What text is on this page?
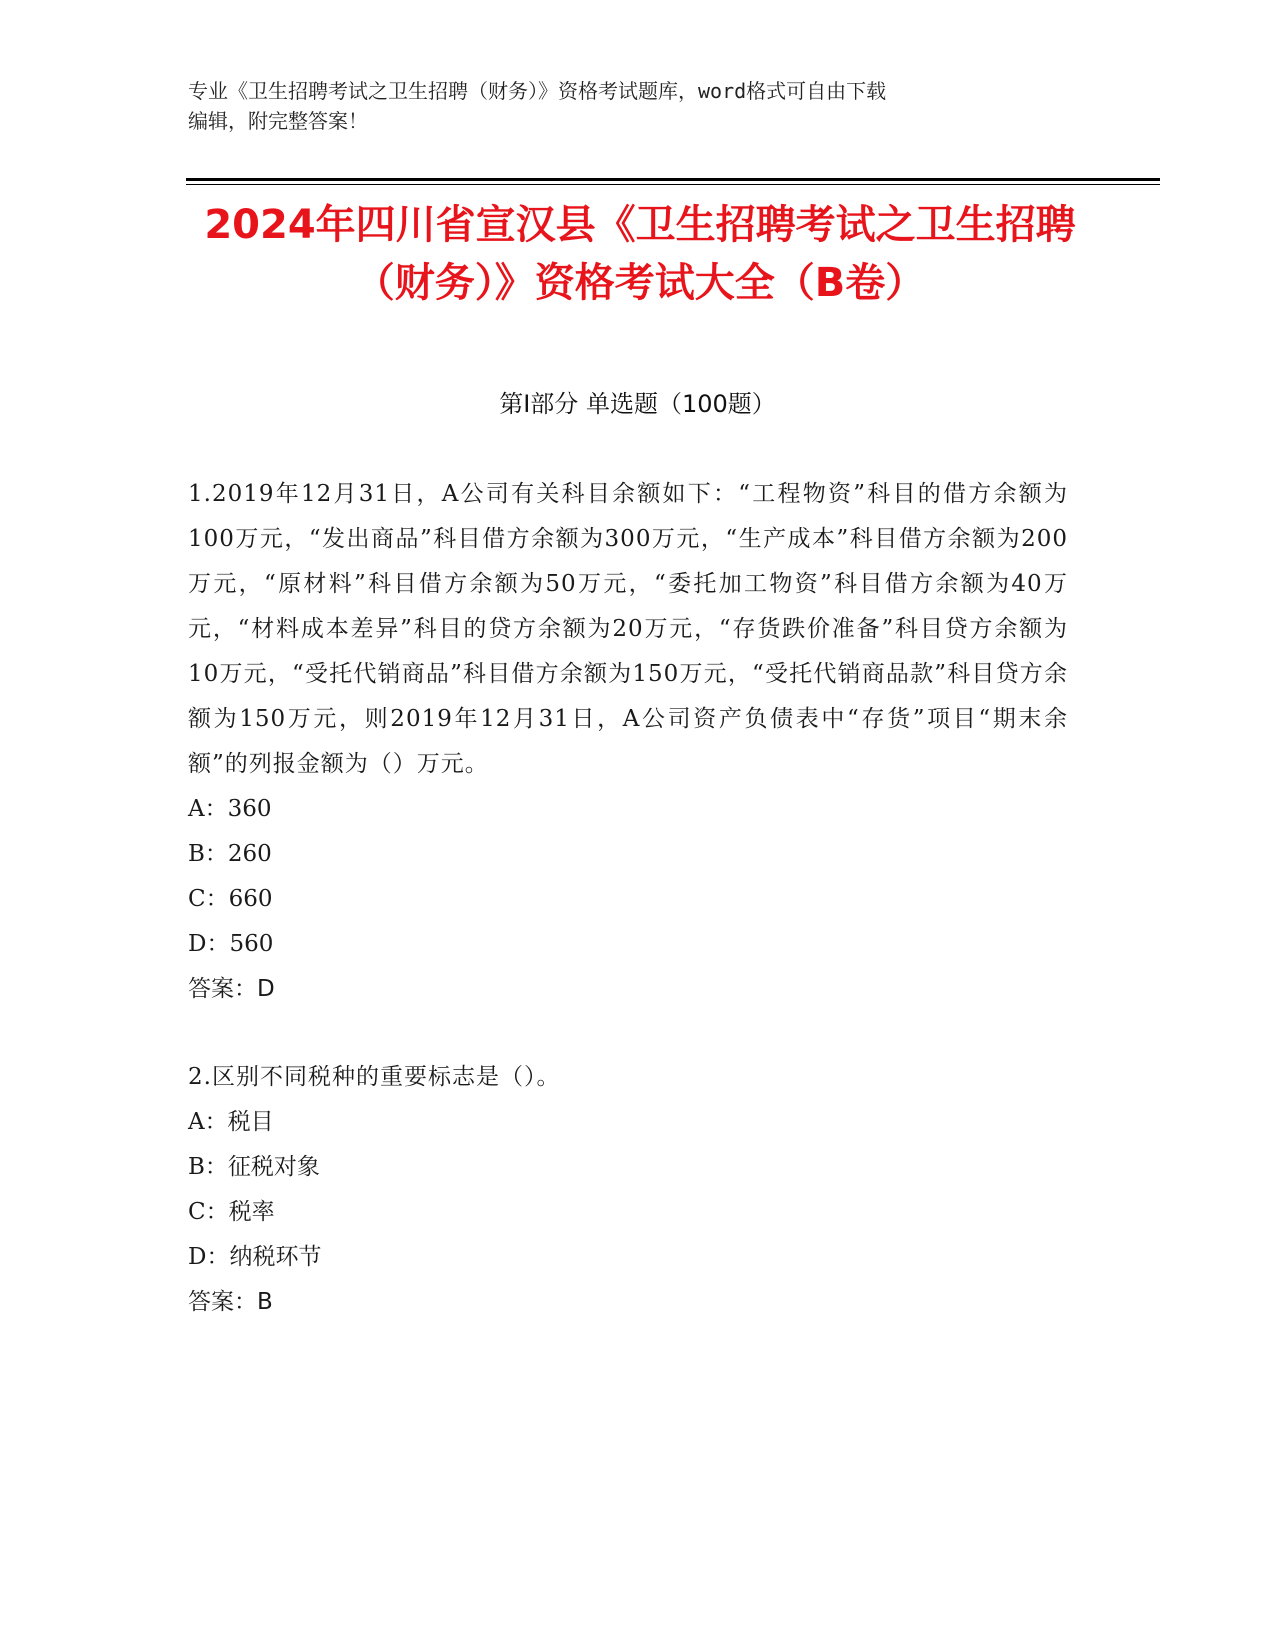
专业《卫生招聘考试之卫生招聘（财务）》资格考试题库，word格式可自由下载
编辑，附完整答案！
2024年四川省宣汉县《卫生招聘考试之卫生招聘（财务）》资格考试大全（B卷）
第Ⅰ部分 单选题（100题）

1.2019年12月31日，A公司有关科目余额如下：“工程物资”科目的借方余额为100万元，“发出商品”科目借方余额为300万元，“生产成本”科目借方余额为200万元，“原材料”科目借方余额为50万元，“委托加工物资”科目借方余额为40万元，“材料成本差异”科目的贷方余额为20万元，“存货跌价准备”科目贷方余额为10万元，“受托代销商品”科目借方余额为150万元，“受托代销商品款”科目贷方余额为150万元，则2019年12月31日，A公司资产负债表中“存货”项目“期末余额”的列报金额为（）万元。

A：360

B：260

C：660

D：560

答案：D

2.区别不同税种的重要标志是（）。

A：税目

B：征税对象

C：税率

D：纳税环节

答案：B
